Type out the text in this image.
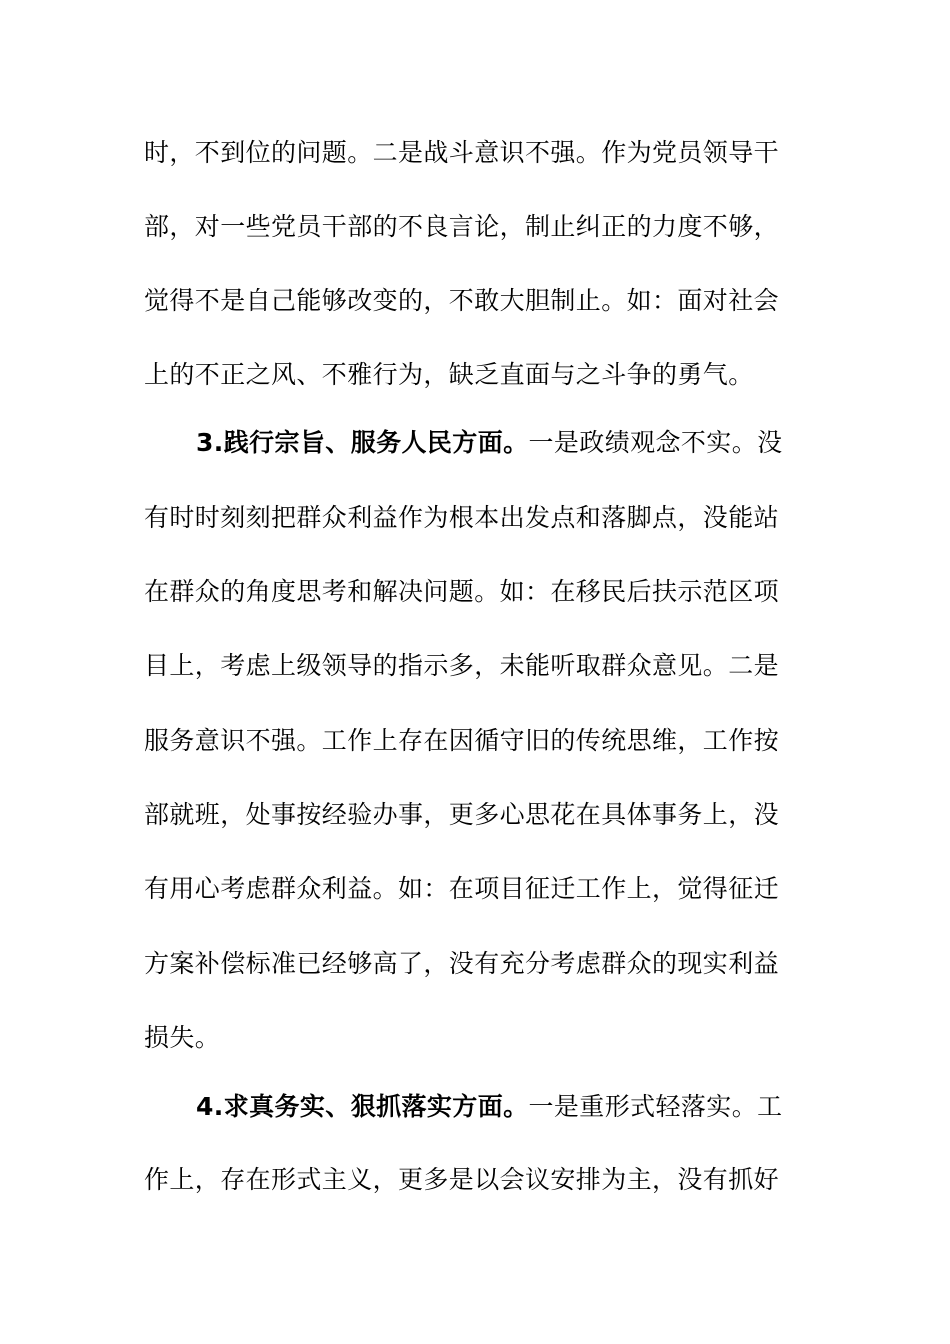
时，不到位的问题。二是战斗意识不强。作为党员领导干
部，对一些党员干部的不良言论，制止纠正的力度不够，
觉得不是自己能够改变的，不敢大胆制止。如：面对社会
上的不正之风、不雅行为，缺乏直面与之斗争的勇气。
3.践行宗旨、服务人民方面。一是政绩观念不实。没
有时时刻刻把群众利益作为根本出发点和落脚点，没能站
在群众的角度思考和解决问题。如：在移民后扶示范区项
目上，考虑上级领导的指示多，未能听取群众意见。二是
服务意识不强。工作上存在因循守旧的传统思维，工作按
部就班，处事按经验办事，更多心思花在具体事务上，没
有用心考虑群众利益。如：在项目征迁工作上，觉得征迁
方案补偿标准已经够高了，没有充分考虑群众的现实利益
损失。
4.求真务实、狠抓落实方面。一是重形式轻落实。工
作上，存在形式主义，更多是以会议安排为主，没有抓好
